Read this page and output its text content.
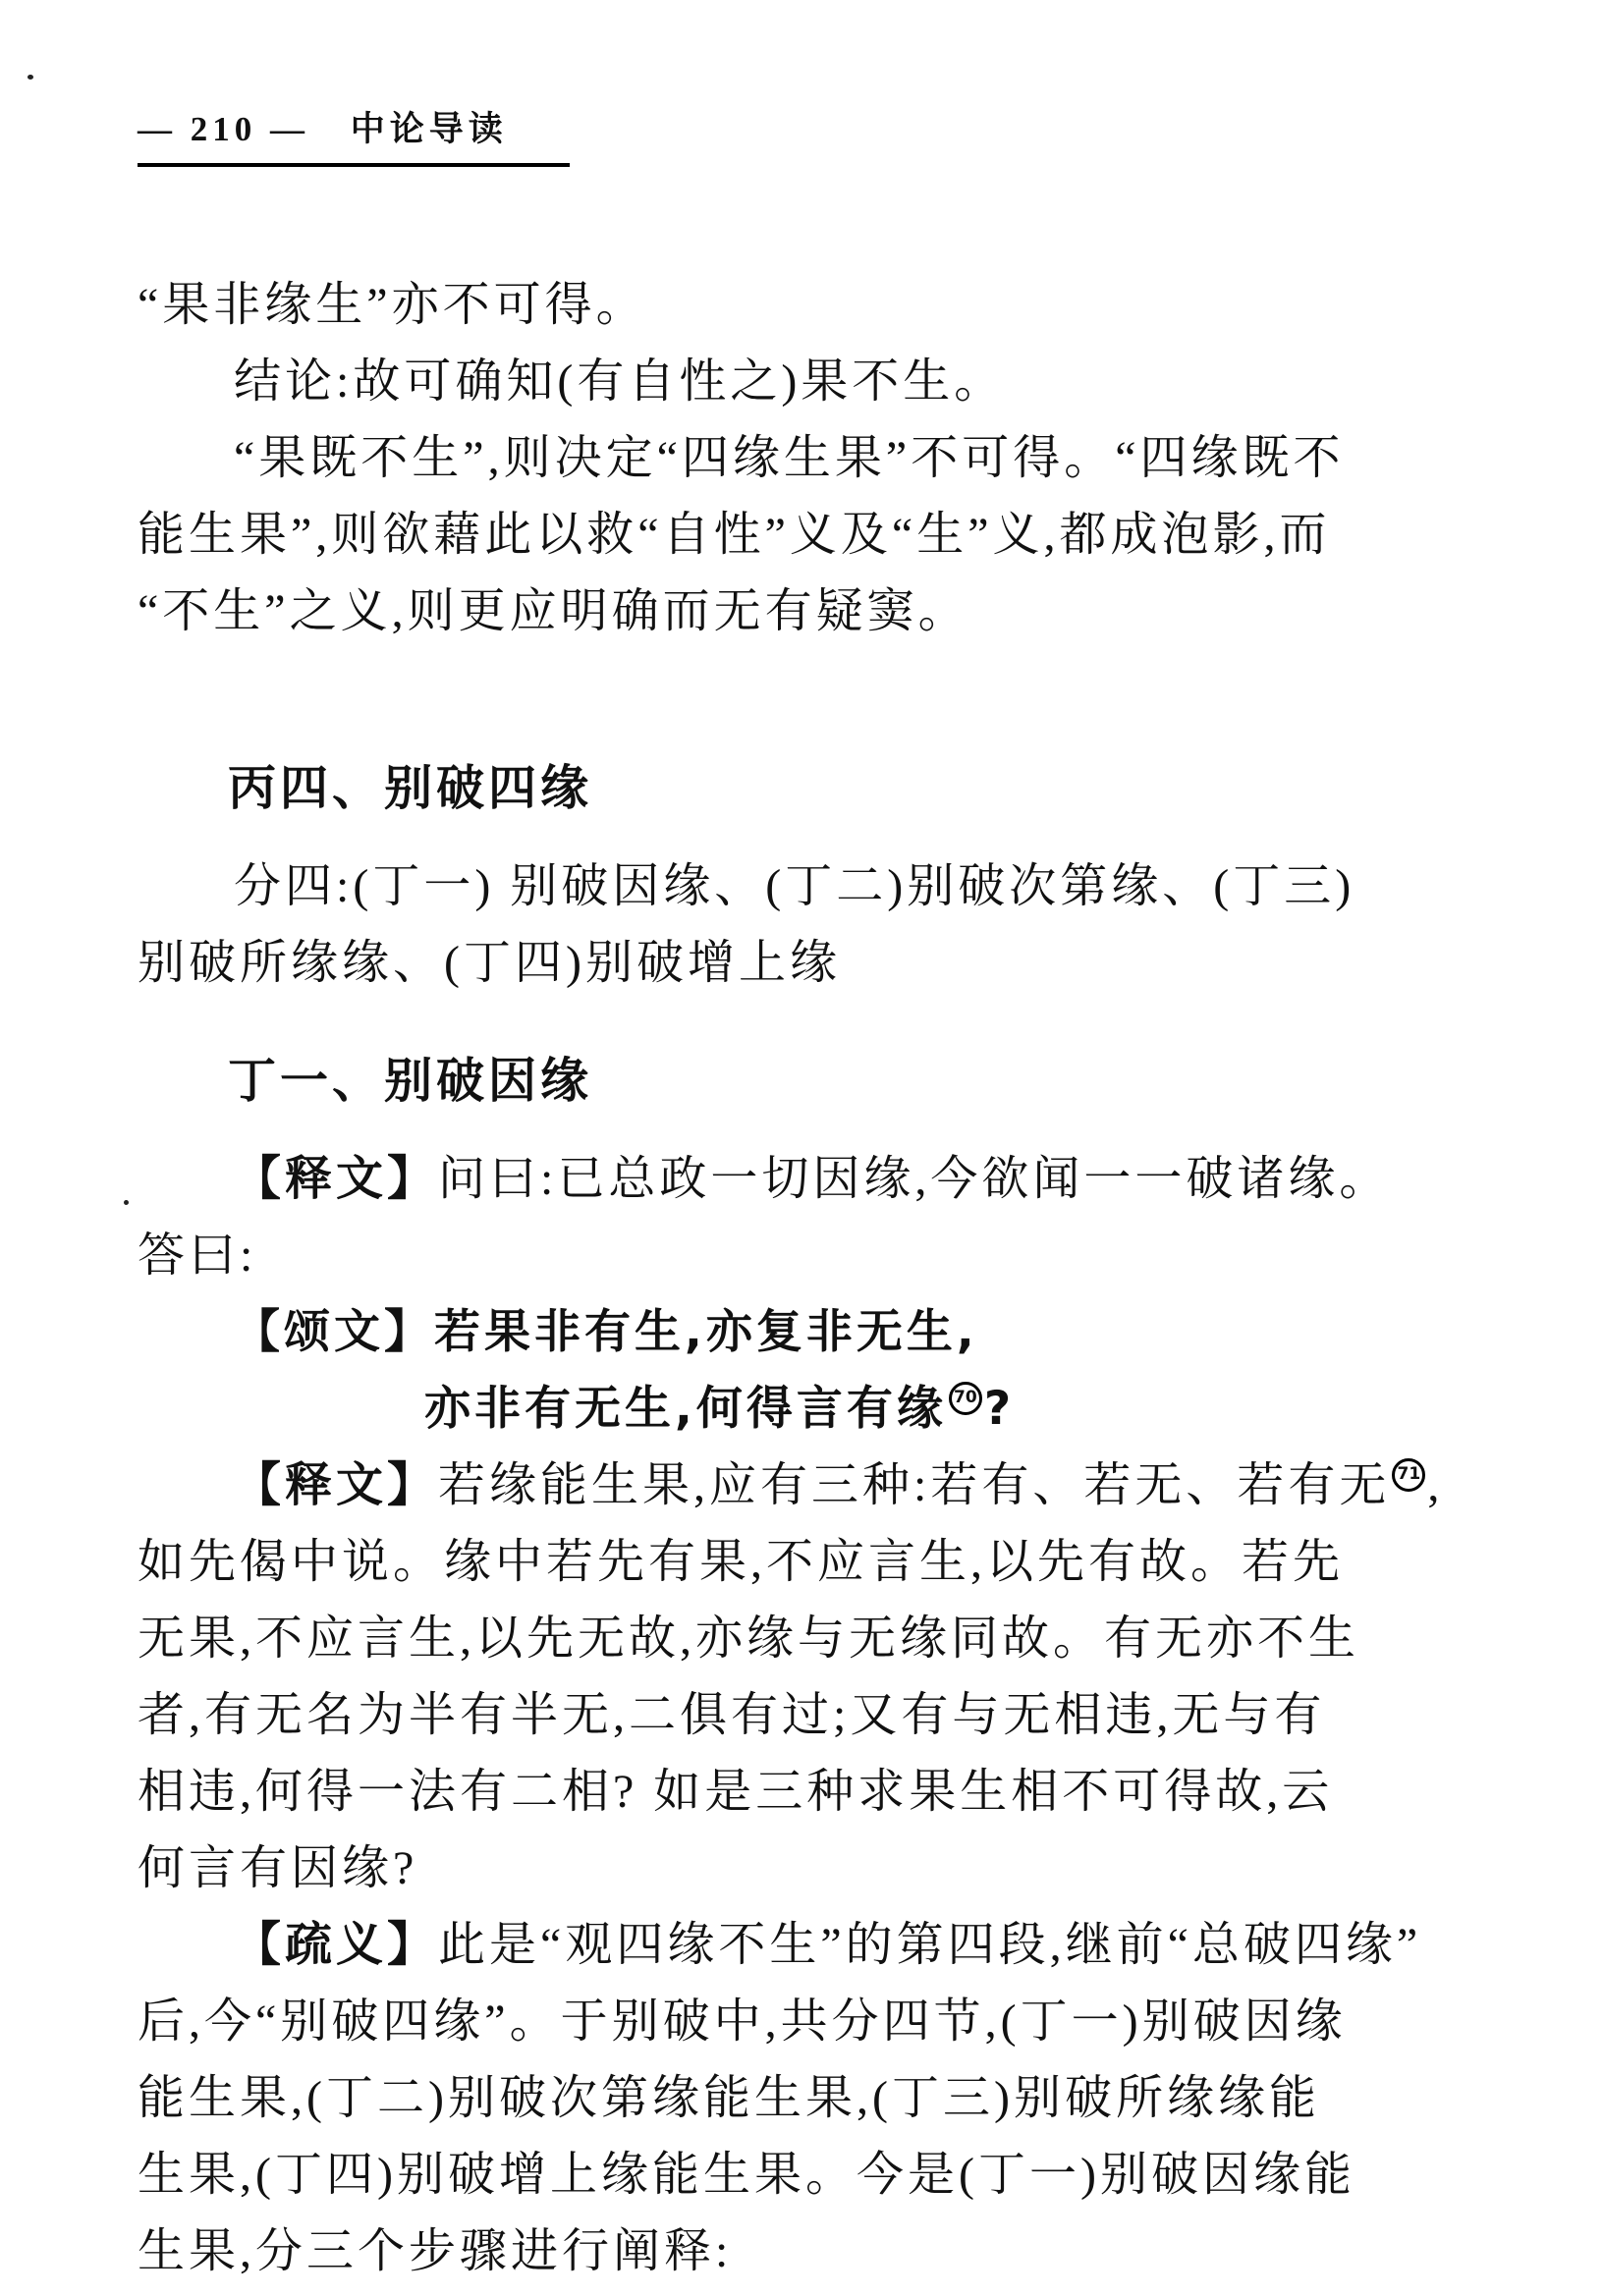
— 210 — 中论导读
“果非缘生”亦不可得。
结论:故可确知(有自性之)果不生。
“果既不生”,则决定“四缘生果”不可得。“四缘既不
能生果”,则欲藉此以救“自性”义及“生”义,都成泡影,而
“不生”之义,则更应明确而无有疑窦。
丙四、别破四缘
分四:(丁一) 别破因缘、(丁二)别破次第缘、(丁三)
别破所缘缘、(丁四)别破增上缘
丁一、别破因缘
【释文】问曰:已总政一切因缘,今欲闻一一破诸缘。
答曰:
【颂文】若果非有生,亦复非无生,
亦非有无生,何得言有缘 70 ?
【释文】若缘能生果,应有三种:若有、若无、若有无 71 ,
如先偈中说。缘中若先有果,不应言生,以先有故。若先
无果,不应言生,以先无故,亦缘与无缘同故。有无亦不生
者,有无名为半有半无,二俱有过;又有与无相违,无与有
相违,何得一法有二相? 如是三种求果生相不可得故,云
何言有因缘?
【疏义】此是“观四缘不生”的第四段,继前“总破四缘”
后,今“别破四缘”。于别破中,共分四节,(丁一)别破因缘
能生果,(丁二)别破次第缘能生果,(丁三)别破所缘缘能
生果,(丁四)别破增上缘能生果。今是(丁一)别破因缘能
生果,分三个步骤进行阐释:
